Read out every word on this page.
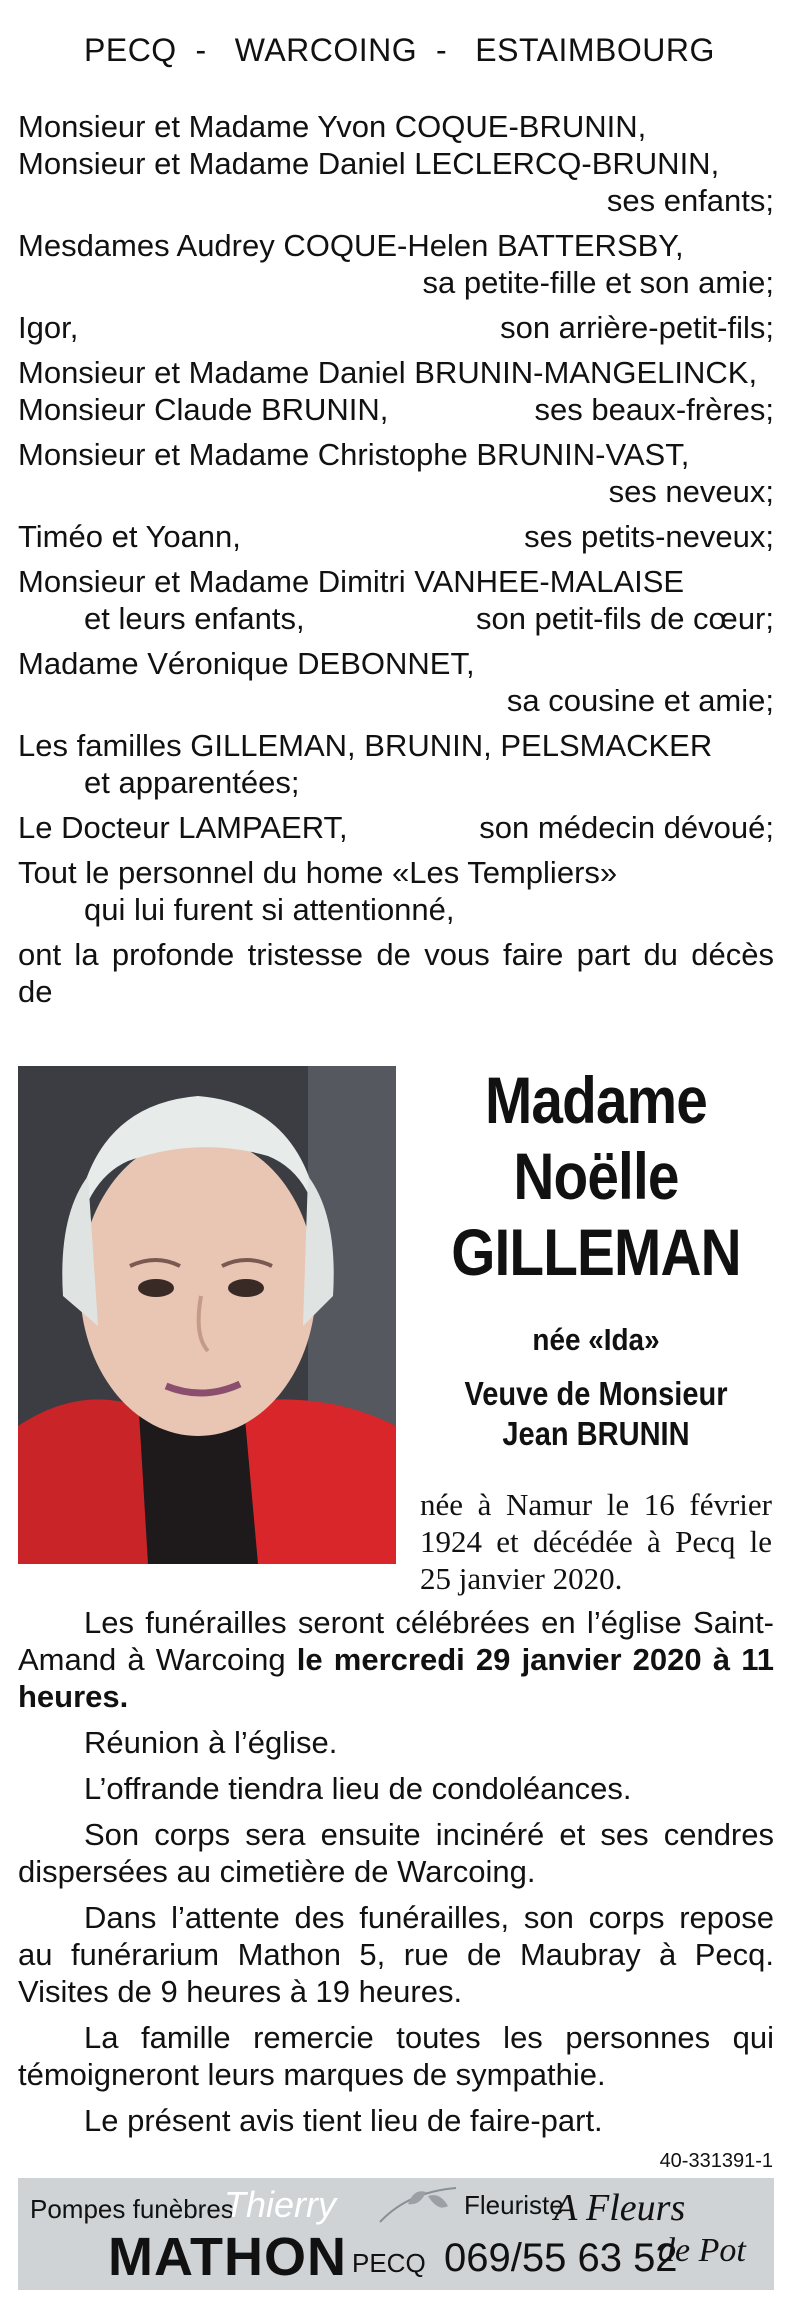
PECQ  -   WARCOING  -   ESTAIMBOURG
Monsieur et Madame Yvon COQUE-BRUNIN,
Monsieur et Madame Daniel LECLERCQ-BRUNIN,
ses enfants;
Mesdames Audrey COQUE-Helen BATTERSBY,
sa petite-fille et son amie;
Igor,	son arrière-petit-fils;
Monsieur et Madame Daniel BRUNIN-MANGELINCK,
Monsieur Claude BRUNIN,	ses beaux-frères;
Monsieur et Madame Christophe BRUNIN-VAST,
ses neveux;
Timéo et Yoann,	ses petits-neveux;
Monsieur et Madame Dimitri VANHEE-MALAISE
et leurs enfants,	son petit-fils de cœur;
Madame Véronique DEBONNET,
sa cousine et amie;
Les familles GILLEMAN, BRUNIN, PELSMACKER
et apparentées;
Le Docteur LAMPAERT,	son médecin dévoué;
Tout le personnel du home «Les Templiers»
qui lui furent si attentionné,
ont la profonde tristesse de vous faire part du décès de
Madame
Noëlle
GILLEMAN
née «Ida»
Veuve de Monsieur
Jean BRUNIN
née à Namur le 16 février 1924 et décédée à Pecq le 25 janvier 2020.

Les funérailles seront célébrées en l’église Saint-Amand à Warcoing le mercredi 29 janvier 2020 à 11 heures.

Réunion à l’église.

L’offrande tiendra lieu de condoléances.

Son corps sera ensuite incinéré et ses cendres dispersées au cimetière de Warcoing.

Dans l’attente des funérailles, son corps repose au funérarium Mathon 5, rue de Maubray à Pecq. Visites de 9 heures à 19 heures.

La famille remercie toutes les personnes qui témoigneront leurs marques de sympathie.

Le présent avis tient lieu de faire-part.

40-331391-1
Pompes funèbres
Thierry
MATHON PECQ 069/55 63 52
Fleuriste
A Fleurs
de Pot
